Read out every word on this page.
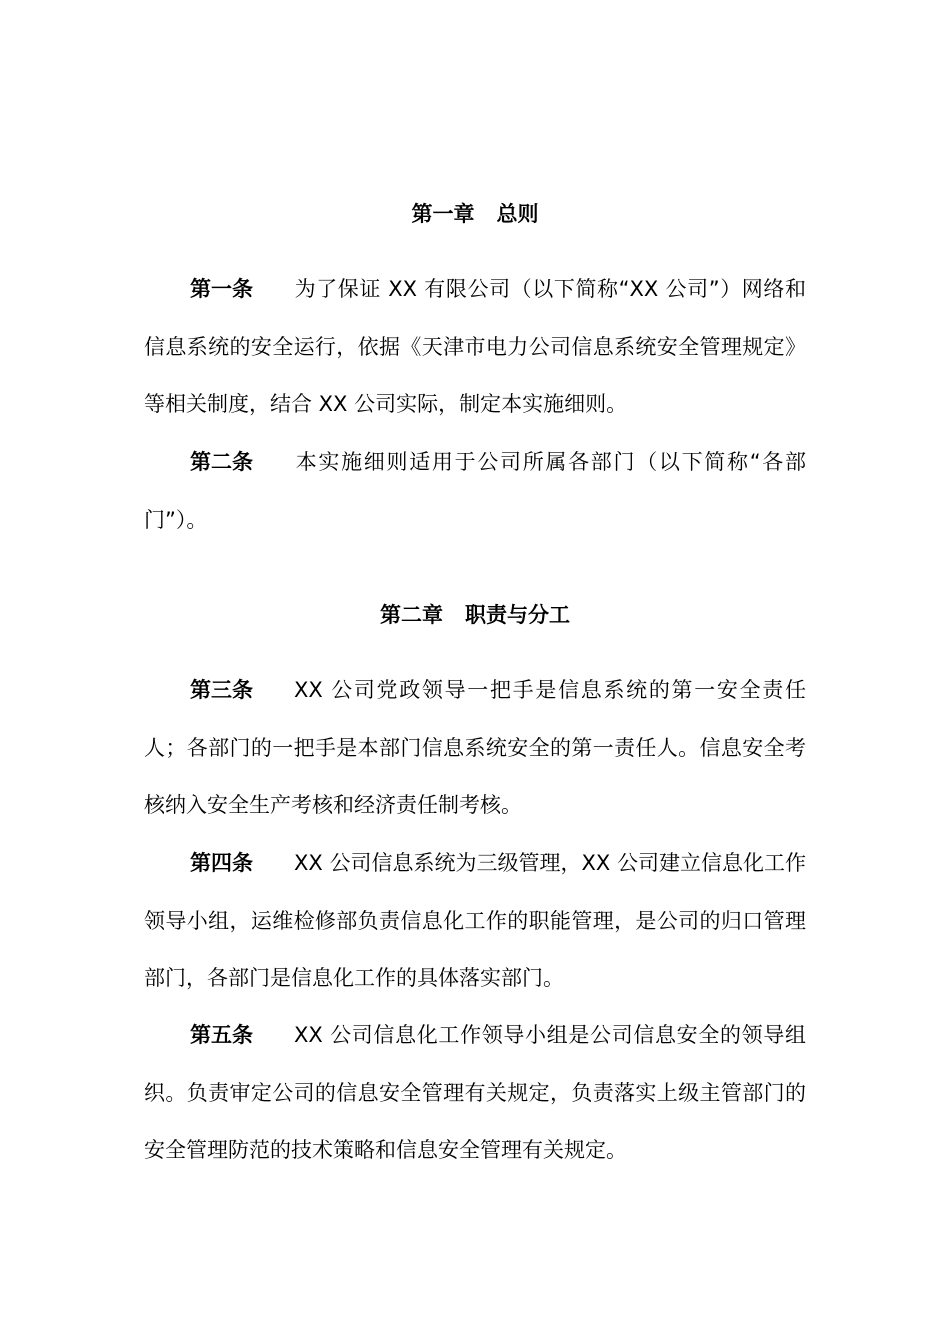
第一章 总则

第一条 为了保证 XX 有限公司（以下简称“XX 公司”）网络和信息系统的安全运行，依据《天津市电力公司信息系统安全管理规定》等相关制度，结合 XX 公司实际，制定本实施细则。

第二条 本实施细则适用于公司所属各部门（以下简称“各部门”）。

第二章 职责与分工

第三条 XX 公司党政领导一把手是信息系统的第一安全责任人；各部门的一把手是本部门信息系统安全的第一责任人。信息安全考核纳入安全生产考核和经济责任制考核。

第四条 XX 公司信息系统为三级管理，XX 公司建立信息化工作领导小组，运维检修部负责信息化工作的职能管理，是公司的归口管理部门，各部门是信息化工作的具体落实部门。

第五条 XX 公司信息化工作领导小组是公司信息安全的领导组织。负责审定公司的信息安全管理有关规定，负责落实上级主管部门的安全管理防范的技术策略和信息安全管理有关规定。
